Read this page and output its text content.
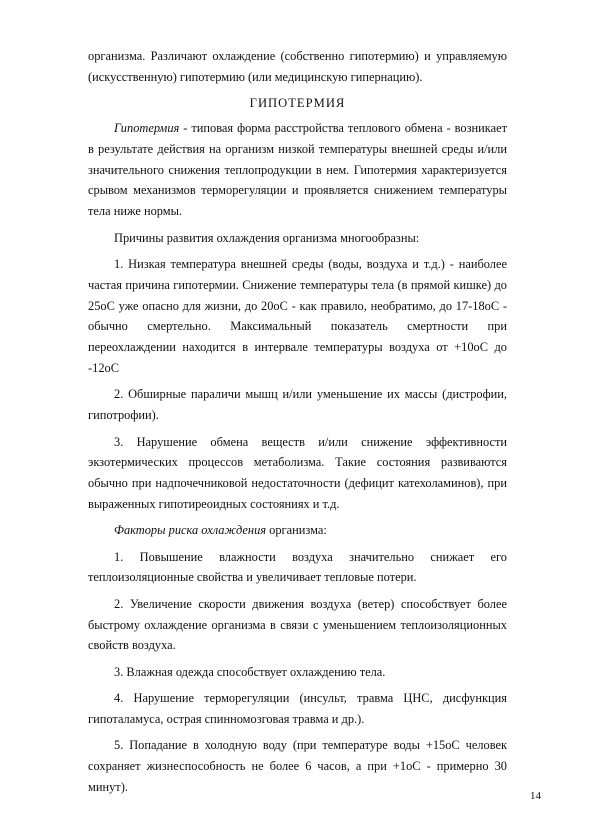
организма. Различают охлаждение (собственно гипотермию) и управляемую (искусственную) гипотермию (или медицинскую гипернацию).

ГИПОТЕРМИЯ

Гипотермия - типовая форма расстройства теплового обмена - возникает в результате действия на организм низкой температуры внешней среды и/или значительного снижения теплопродукции в нем. Гипотермия характеризуется срывом механизмов терморегуляции и проявляется снижением температуры тела ниже нормы.

Причины развития охлаждения организма многообразны:

1. Низкая температура внешней среды (воды, воздуха и т.д.) - наиболее частая причина гипотермии. Снижение температуры тела (в прямой кишке) до 25оС уже опасно для жизни, до 20оС - как правило, необратимо, до 17-18оС - обычно смертельно. Максимальный показатель смертности при переохлаждении находится в интервале температуры воздуха от +10оС до -12оС

2. Обширные параличи мышц и/или уменьшение их массы (дистрофии, гипотрофии).

3. Нарушение обмена веществ и/или снижение эффективности экзотермических процессов метаболизма. Такие состояния развиваются обычно при надпочечниковой недостаточности (дефицит катехоламинов), при выраженных гипотиреоидных состояниях и т.д.

Факторы риска охлаждения организма:

1. Повышение влажности воздуха значительно снижает его теплоизоляционные свойства и увеличивает тепловые потери.

2. Увеличение скорости движения воздуха (ветер) способствует более быстрому охлаждение организма в связи с уменьшением теплоизоляционных свойств воздуха.

3. Влажная одежда способствует охлаждению тела.

4. Нарушение терморегуляции (инсульт, травма ЦНС, дисфункция гипоталамуса, острая спинномозговая травма и др.).

5. Попадание в холодную воду (при температуре воды +15оС человек сохраняет жизнеспособность не более 6 часов, а при +1оС - примерно 30 минут).

14
